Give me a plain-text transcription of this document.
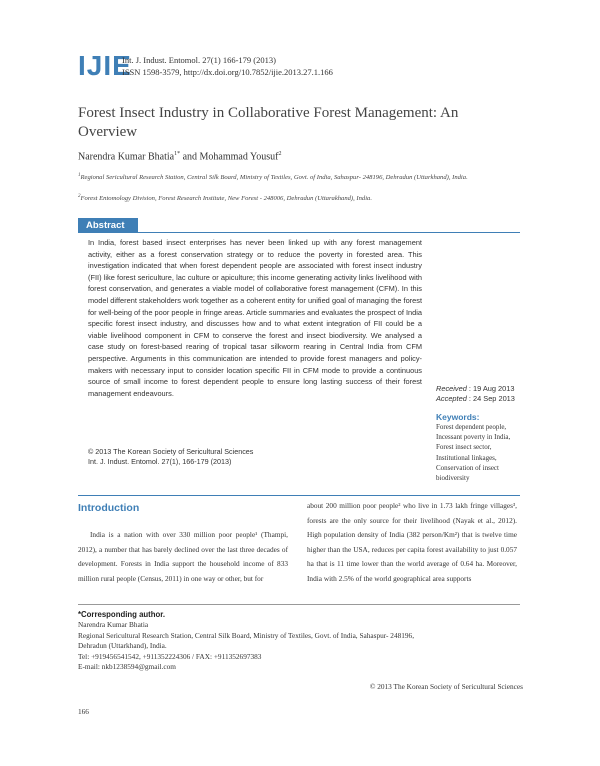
IJIE
Int. J. Indust. Entomol. 27(1) 166-179 (2013)
ISSN 1598-3579, http://dx.doi.org/10.7852/ijie.2013.27.1.166
Forest Insect Industry in Collaborative Forest Management: An Overview
Narendra Kumar Bhatia$^{1*}$ and Mohammad Yousuf$^2$
$^1$Regional Sericultural Research Station, Central Silk Board, Ministry of Textiles, Govt. of India, Sahaspur- 248196, Dehradun (Uttarkhand), India.
$^2$Forest Entomology Division, Forest Research Institute, New Forest - 248006, Dehradun (Uttarakhand), India.
Abstract
In India, forest based insect enterprises has never been linked up with any forest management activity, either as a forest conservation strategy or to reduce the poverty in forested area. This investigation indicated that when forest dependent people are associated with forest insect industry (FII) like forest sericulture, lac culture or apiculture; this income generating activity links livelihood with forest conservation, and generates a viable model of collaborative forest management (CFM). In this model different stakeholders work together as a coherent entity for unified goal of managing the forest for well-being of the poor people in fringe areas. Article summaries and evaluates the prospect of India specific forest insect industry, and discusses how and to what extent integration of FII could be a viable livelihood component in CFM to conserve the forest and insect biodiversity. We analysed a case study on forest-based rearing of tropical tasar silkworm rearing in Central India from CFM perspective. Arguments in this communication are intended to provide forest managers and policy-makers with necessary input to consider location specific FII in CFM mode to provide a continuous source of small income to forest dependent people to ensure long lasting success of their forest management endeavours.
© 2013 The Korean Society of Sericultural Sciences
Int. J. Indust. Entomol. 27(1), 166-179 (2013)
Received : 19 Aug 2013
Accepted : 24 Sep 2013
Keywords:
Forest dependent people,
Incessant poverty in India,
Forest insect sector,
Institutional linkages,
Conservation of insect biodiversity
Introduction
India is a nation with over 330 million poor people¹ (Thampi, 2012), a number that has barely declined over the last three decades of development. Forests in India support the household income of 833 million rural people (Census, 2011) in one way or other, but for
about 200 million poor people² who live in 1.73 lakh fringe villages³, forests are the only source for their livelihood (Nayak et al., 2012). High population density of India (382 person/Km²) that is twelve time higher than the USA, reduces per capita forest availability to just 0.057 ha that is 11 time lower than the world average of 0.64 ha. Moreover, India with 2.5% of the world geographical area supports
*Corresponding author.
Narendra Kumar Bhatia
Regional Sericultural Research Station, Central Silk Board, Ministry of Textiles, Govt. of India, Sahaspur- 248196,
Dehradun (Uttarkhand), India.
Tel: +919456541542, +911352224306 / FAX: +911352697383
E-mail: nkb1238594@gmail.com
© 2013 The Korean Society of Sericultural Sciences
166
